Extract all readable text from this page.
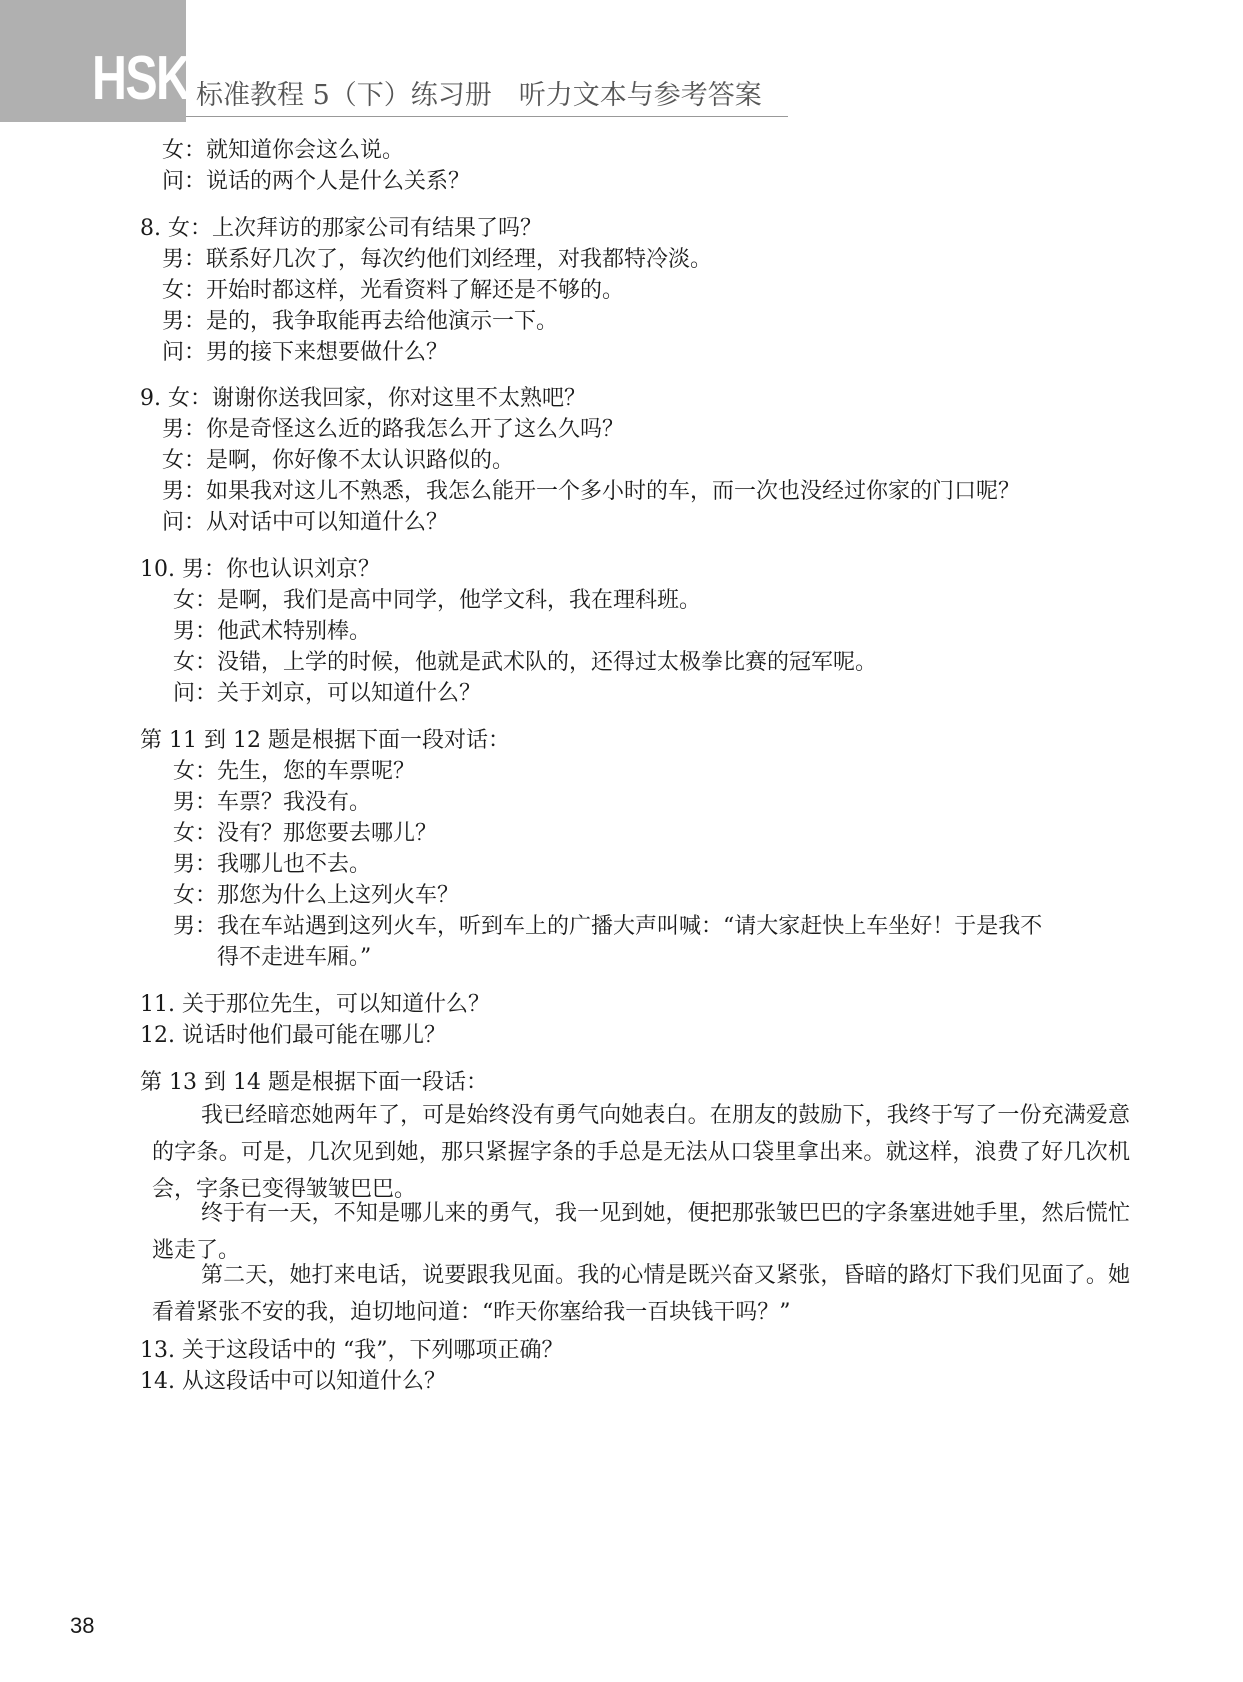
HSK 标准教程 5（下）练习册　听力文本与参考答案
女：就知道你会这么说。
问：说话的两个人是什么关系？
8. 女：上次拜访的那家公司有结果了吗？
男：联系好几次了，每次约他们刘经理，对我都特冷淡。
女：开始时都这样，光看资料了解还是不够的。
男：是的，我争取能再去给他演示一下。
问：男的接下来想要做什么？
9. 女：谢谢你送我回家，你对这里不太熟吧？
男：你是奇怪这么近的路我怎么开了这么久吗？
女：是啊，你好像不太认识路似的。
男：如果我对这儿不熟悉，我怎么能开一个多小时的车，而一次也没经过你家的门口呢？
问：从对话中可以知道什么？
10. 男：你也认识刘京？
女：是啊，我们是高中同学，他学文科，我在理科班。
男：他武术特别棒。
女：没错，上学的时候，他就是武术队的，还得过太极拳比赛的冠军呢。
问：关于刘京，可以知道什么？
第 11 到 12 题是根据下面一段对话：
女：先生，您的车票呢？
男：车票？我没有。
女：没有？那您要去哪儿？
男：我哪儿也不去。
女：那您为什么上这列火车？
男：我在车站遇到这列火车，听到车上的广播大声叫喊：“请大家赶快上车坐好！于是我不
得不走进车厢。”
11. 关于那位先生，可以知道什么？
12. 说话时他们最可能在哪儿？
第 13 到 14 题是根据下面一段话：
我已经暗恋她两年了，可是始终没有勇气向她表白。在朋友的鼓励下，我终于写了一份充满爱意的字条。可是，几次见到她，那只紧握字条的手总是无法从口袋里拿出来。就这样，浪费了好几次机会，字条已变得皱皱巴巴。
终于有一天，不知是哪儿来的勇气，我一见到她，便把那张皱巴巴的字条塞进她手里，然后慌忙逃走了。
第二天，她打来电话，说要跟我见面。我的心情是既兴奋又紧张，昏暗的路灯下我们见面了。她看着紧张不安的我，迫切地问道：“昨天你塞给我一百块钱干吗？”
13. 关于这段话中的 “我”，下列哪项正确？
14. 从这段话中可以知道什么？
38
